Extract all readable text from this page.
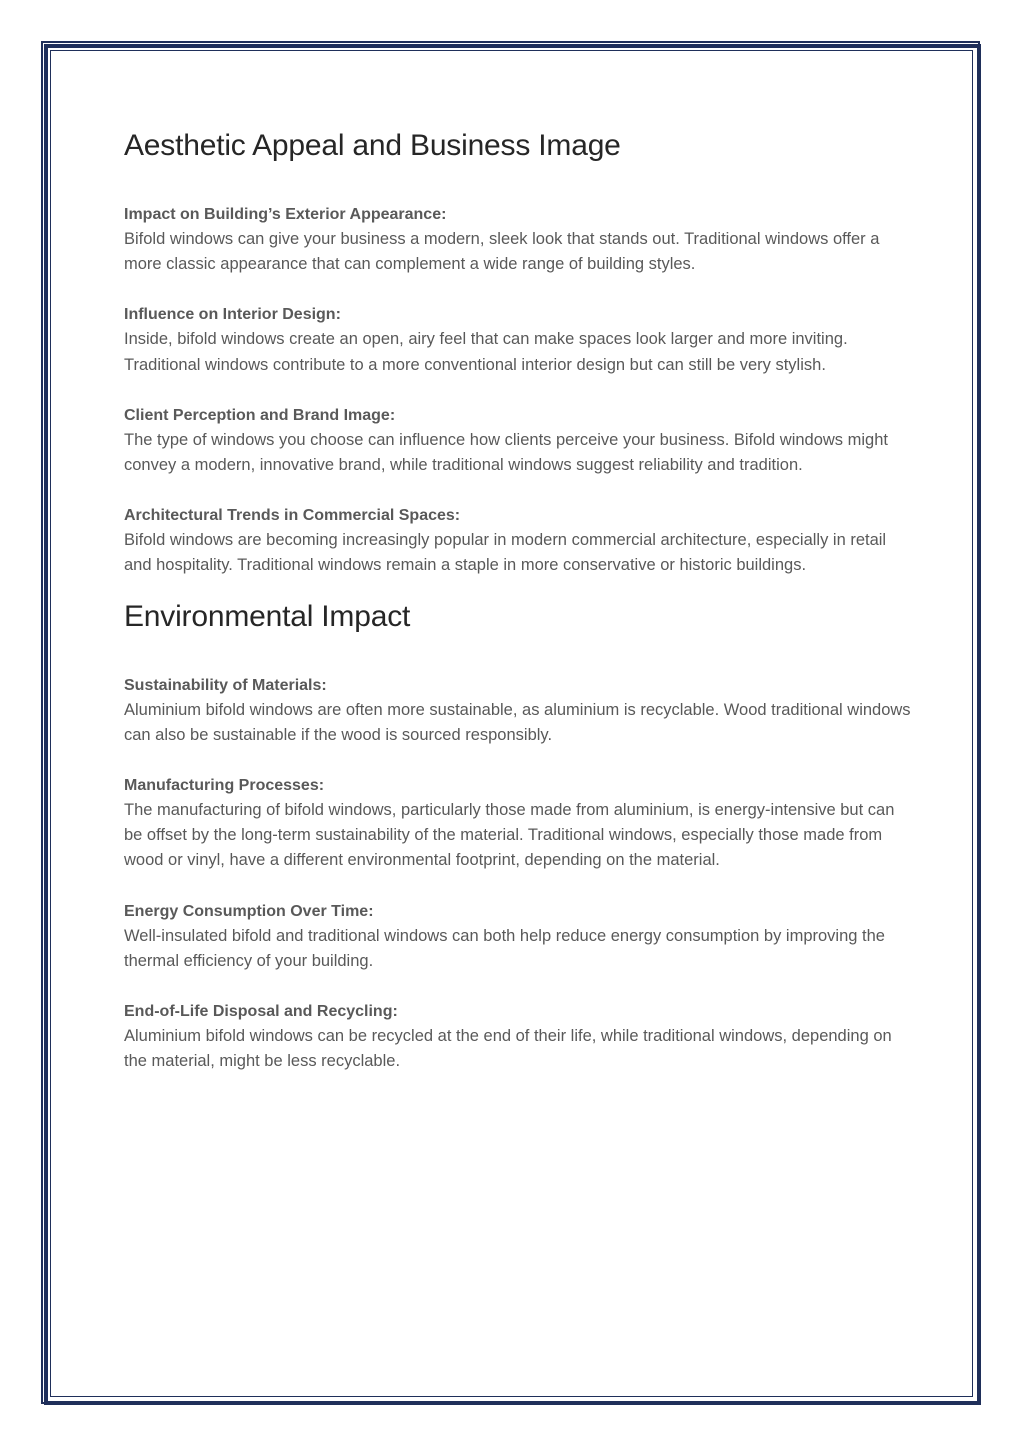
Aesthetic Appeal and Business Image
Impact on Building’s Exterior Appearance:
Bifold windows can give your business a modern, sleek look that stands out. Traditional windows offer a more classic appearance that can complement a wide range of building styles.
Influence on Interior Design:
Inside, bifold windows create an open, airy feel that can make spaces look larger and more inviting. Traditional windows contribute to a more conventional interior design but can still be very stylish.
Client Perception and Brand Image:
The type of windows you choose can influence how clients perceive your business. Bifold windows might convey a modern, innovative brand, while traditional windows suggest reliability and tradition.
Architectural Trends in Commercial Spaces:
Bifold windows are becoming increasingly popular in modern commercial architecture, especially in retail and hospitality. Traditional windows remain a staple in more conservative or historic buildings.
Environmental Impact
Sustainability of Materials:
Aluminium bifold windows are often more sustainable, as aluminium is recyclable. Wood traditional windows can also be sustainable if the wood is sourced responsibly.
Manufacturing Processes:
The manufacturing of bifold windows, particularly those made from aluminium, is energy-intensive but can be offset by the long-term sustainability of the material. Traditional windows, especially those made from wood or vinyl, have a different environmental footprint, depending on the material.
Energy Consumption Over Time:
Well-insulated bifold and traditional windows can both help reduce energy consumption by improving the thermal efficiency of your building.
End-of-Life Disposal and Recycling:
Aluminium bifold windows can be recycled at the end of their life, while traditional windows, depending on the material, might be less recyclable.
